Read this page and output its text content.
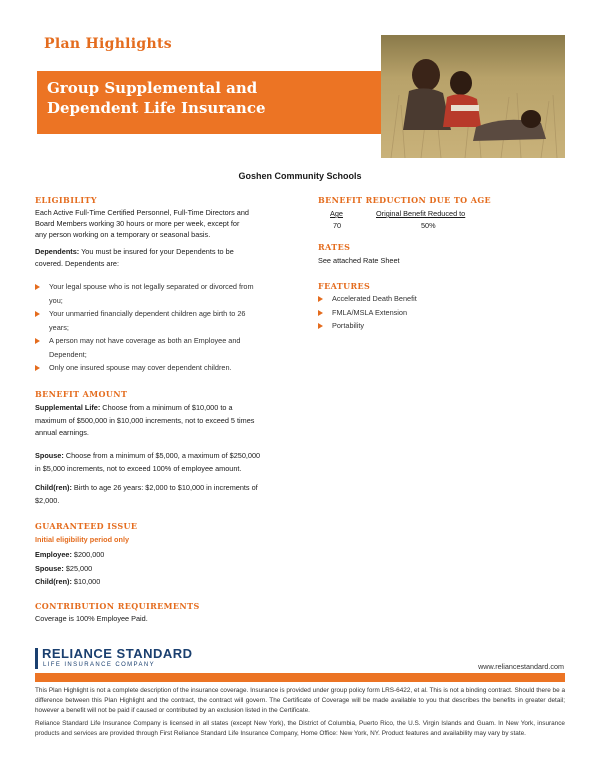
Plan Highlights
Group Supplemental and
Dependent Life Insurance
Goshen Community Schools
ELIGIBILITY
Each Active Full-Time Certified Personnel, Full-Time Directors and
Board Members working 30 hours or more per week, except for
any person working on a temporary or seasonal basis.
Dependents: You must be insured for your Dependents to be
covered. Dependents are:
Your legal spouse who is not legally separated or divorced from
you;
Your unmarried financially dependent children age birth to 26
years;
A person may not have coverage as both an Employee and
Dependent;
Only one insured spouse may cover dependent children.
BENEFIT AMOUNT
Supplemental Life: Choose from a minimum of $10,000 to a
maximum of $500,000 in $10,000 increments, not to exceed 5 times
annual earnings.
Spouse: Choose from a minimum of $5,000, a maximum of $250,000
in $5,000 increments, not to exceed 100% of employee amount.
Child(ren): Birth to age 26 years: $2,000 to $10,000 in increments of
$2,000.
GUARANTEED ISSUE
Initial eligibility period only
Employee: $200,000
Spouse: $25,000
Child(ren): $10,000
CONTRIBUTION REQUIREMENTS
Coverage is 100% Employee Paid.
BENEFIT REDUCTION DUE TO AGE
Age	Original Benefit Reduced to
70	50%
RATES
See attached Rate Sheet
FEATURES
Accelerated Death Benefit
FMLA/MSLA Extension
Portability
RELIANCE STANDARD
LIFE INSURANCE COMPANY	www.reliancestandard.com
This Plan Highlight is not a complete description of the insurance coverage. Insurance is provided under group policy form LRS-6422, et al. This is not a binding contract. Should there be a difference between this Plan Highlight and the contract, the contract will govern. The Certificate of Coverage will be made available to you that describes the benefits in greater detail; however a benefit will not be paid if caused or contributed by an exclusion listed in the Certificate.
Reliance Standard Life Insurance Company is licensed in all states (except New York), the District of Columbia, Puerto Rico, the U.S. Virgin Islands and Guam. In New York, insurance products and services are provided through First Reliance Standard Life Insurance Company, Home Office: New York, NY. Product features and availability may vary by state.
